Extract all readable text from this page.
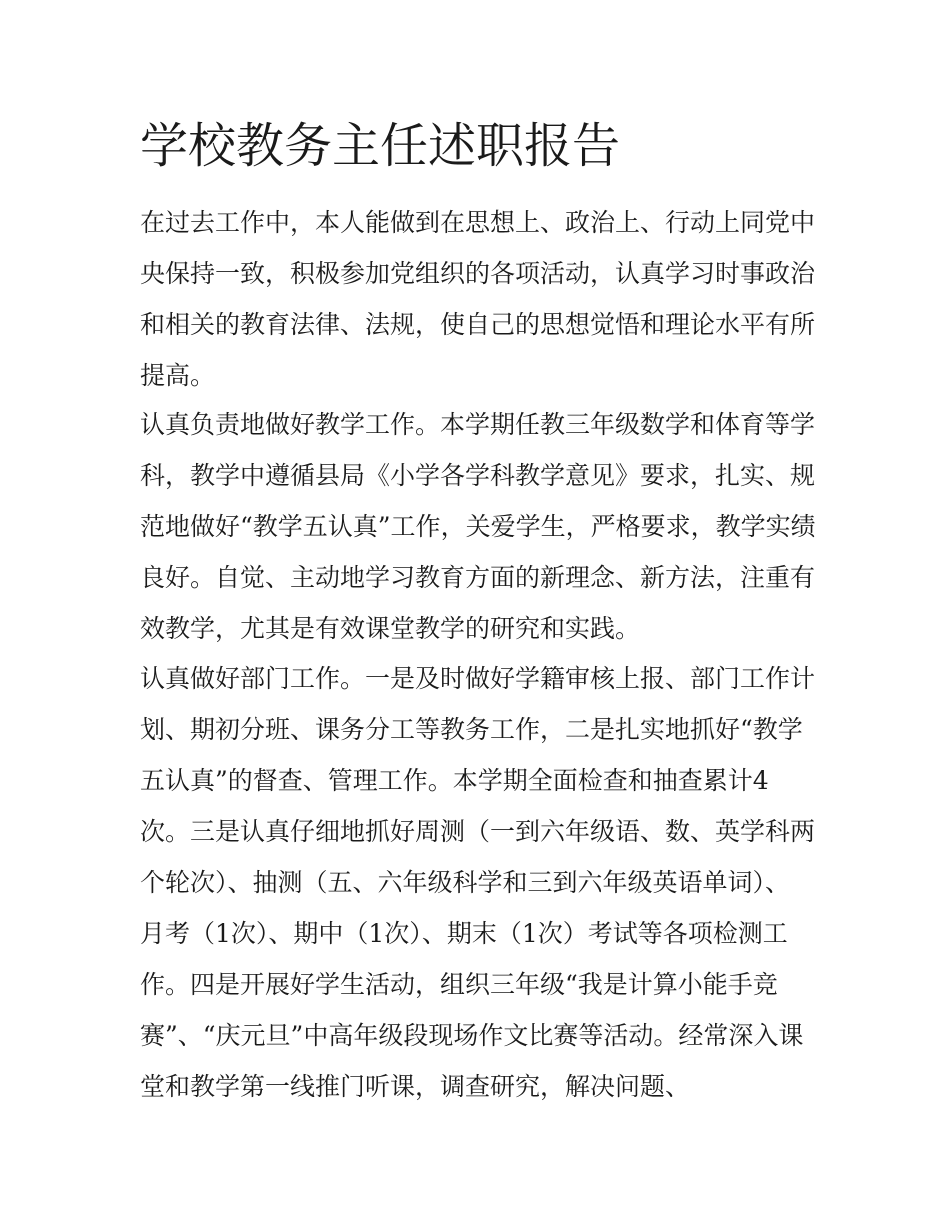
学校教务主任述职报告

在过去工作中，本人能做到在思想上、政治上、行动上同党中

央保持一致，积极参加党组织的各项活动，认真学习时事政治

和相关的教育法律、法规，使自己的思想觉悟和理论水平有所

提高。

认真负责地做好教学工作。本学期任教三年级数学和体育等学

科，教学中遵循县局《小学各学科教学意见》要求，扎实、规

范地做好“教学五认真”工作，关爱学生，严格要求，教学实绩

良好。自觉、主动地学习教育方面的新理念、新方法，注重有

效教学，尤其是有效课堂教学的研究和实践。

认真做好部门工作。一是及时做好学籍审核上报、部门工作计

划、期初分班、课务分工等教务工作，二是扎实地抓好“教学

五认真”的督查、管理工作。本学期全面检查和抽查累计4

次。三是认真仔细地抓好周测（一到六年级语、数、英学科两

个轮次）、抽测（五、六年级科学和三到六年级英语单词）、

月考（1次）、期中（1次）、期末（1次）考试等各项检测工

作。四是开展好学生活动，组织三年级“我是计算小能手竞

赛”、“庆元旦”中高年级段现场作文比赛等活动。经常深入课

堂和教学第一线推门听课，调查研究，解决问题、
